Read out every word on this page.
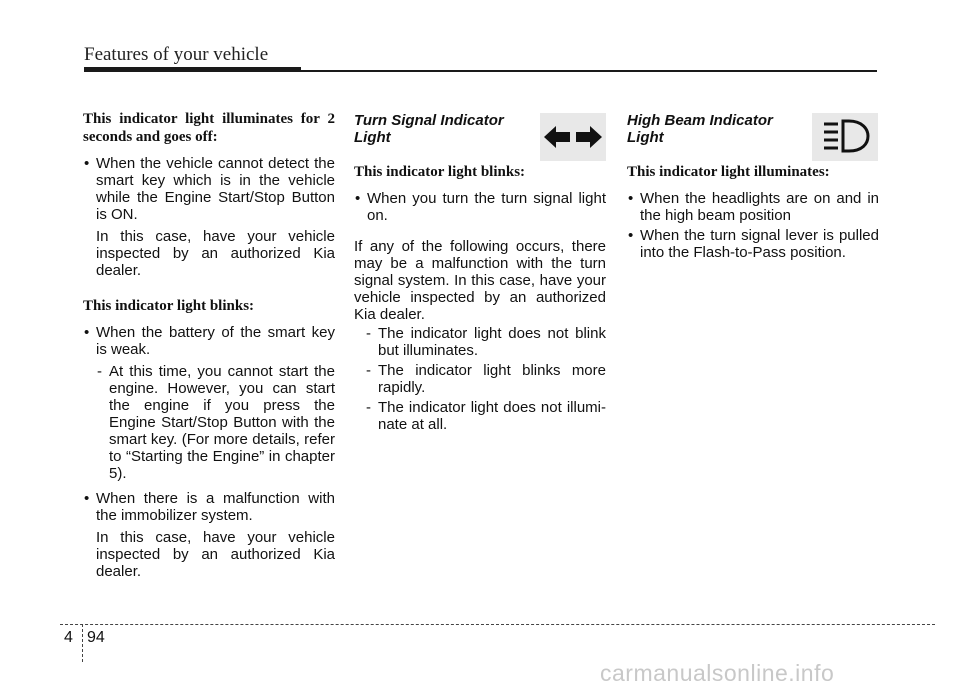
Features of your vehicle

This indicator light illuminates for 2 seconds and goes off:

• When the vehicle cannot detect the smart key which is in the vehicle while the Engine Start/Stop Button is ON.

In this case, have your vehicle inspected by an authorized Kia dealer.

This indicator light blinks:

• When the battery of the smart key is weak.
- At this time, you cannot start the engine. However, you can start the engine if you press the Engine Start/Stop Button with the smart key. (For more details, refer to “Starting the Engine” in chapter 5).
• When there is a malfunction with the immobilizer system.

In this case, have your vehicle inspected by an authorized Kia dealer.

Turn Signal Indicator Light

This indicator light blinks:

• When you turn the turn signal light on.

If any of the following occurs, there may be a malfunction with the turn signal system. In this case, have your vehicle inspected by an authorized Kia dealer.

- The indicator light does not blink but illuminates.
- The indicator light blinks more rapidly.
- The indicator light does not illumi- nate at all.
High Beam Indicator Light

This indicator light illuminates:

• When the headlights are on and in the high beam position
• When the turn signal lever is pulled into the Flash-to-Pass position.
4 94
carmanualsonline.info
